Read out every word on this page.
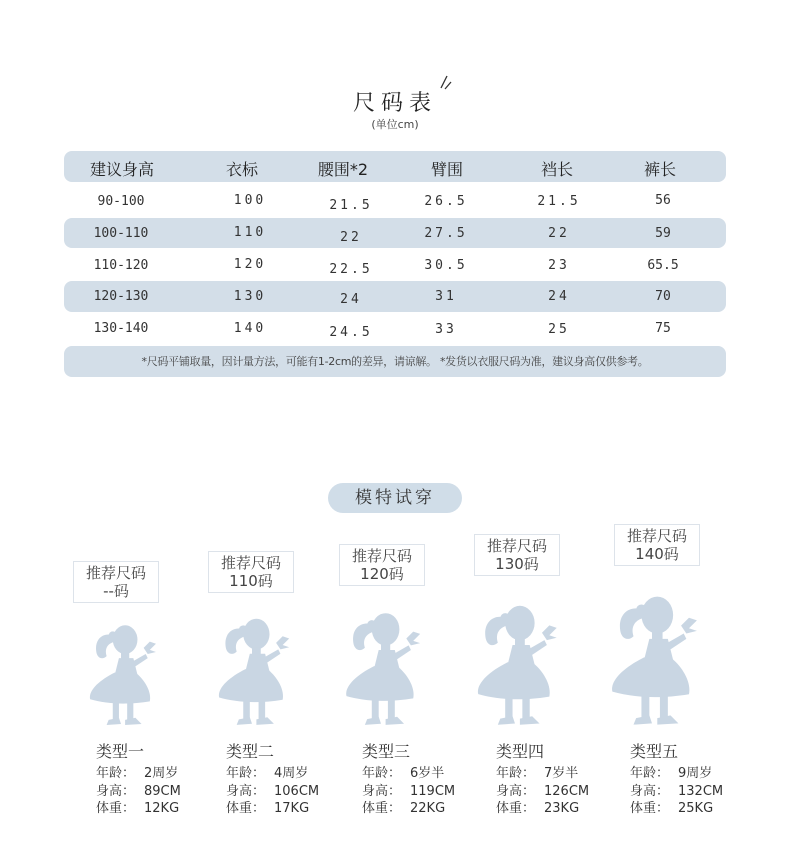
尺码表
(单位cm)
建议身高	衣标	腰围*2	臂围	裆长	裤长
90-100	100	21.5	26.5	21.5	56
100-110	110	22	27.5	22	59
110-120	120	22.5	30.5	23	65.5
120-130	130	24	31	24	70
130-140	140	24.5	33	25	75
*尺码平铺取量，因计量方法，可能有1-2cm的差异，请谅解。 *发货以衣服尺码为准，建议身高仅供参考。
模特试穿
推荐尺码
--码
类型一
年龄： 2周岁
身高： 89CM
体重： 12KG
推荐尺码
110码
类型二
年龄： 4周岁
身高： 106CM
体重： 17KG
推荐尺码
120码
类型三
年龄： 6岁半
身高： 119CM
体重： 22KG
推荐尺码
130码
类型四
年龄： 7岁半
身高： 126CM
体重： 23KG
推荐尺码
140码
类型五
年龄： 9周岁
身高： 132CM
体重： 25KG
